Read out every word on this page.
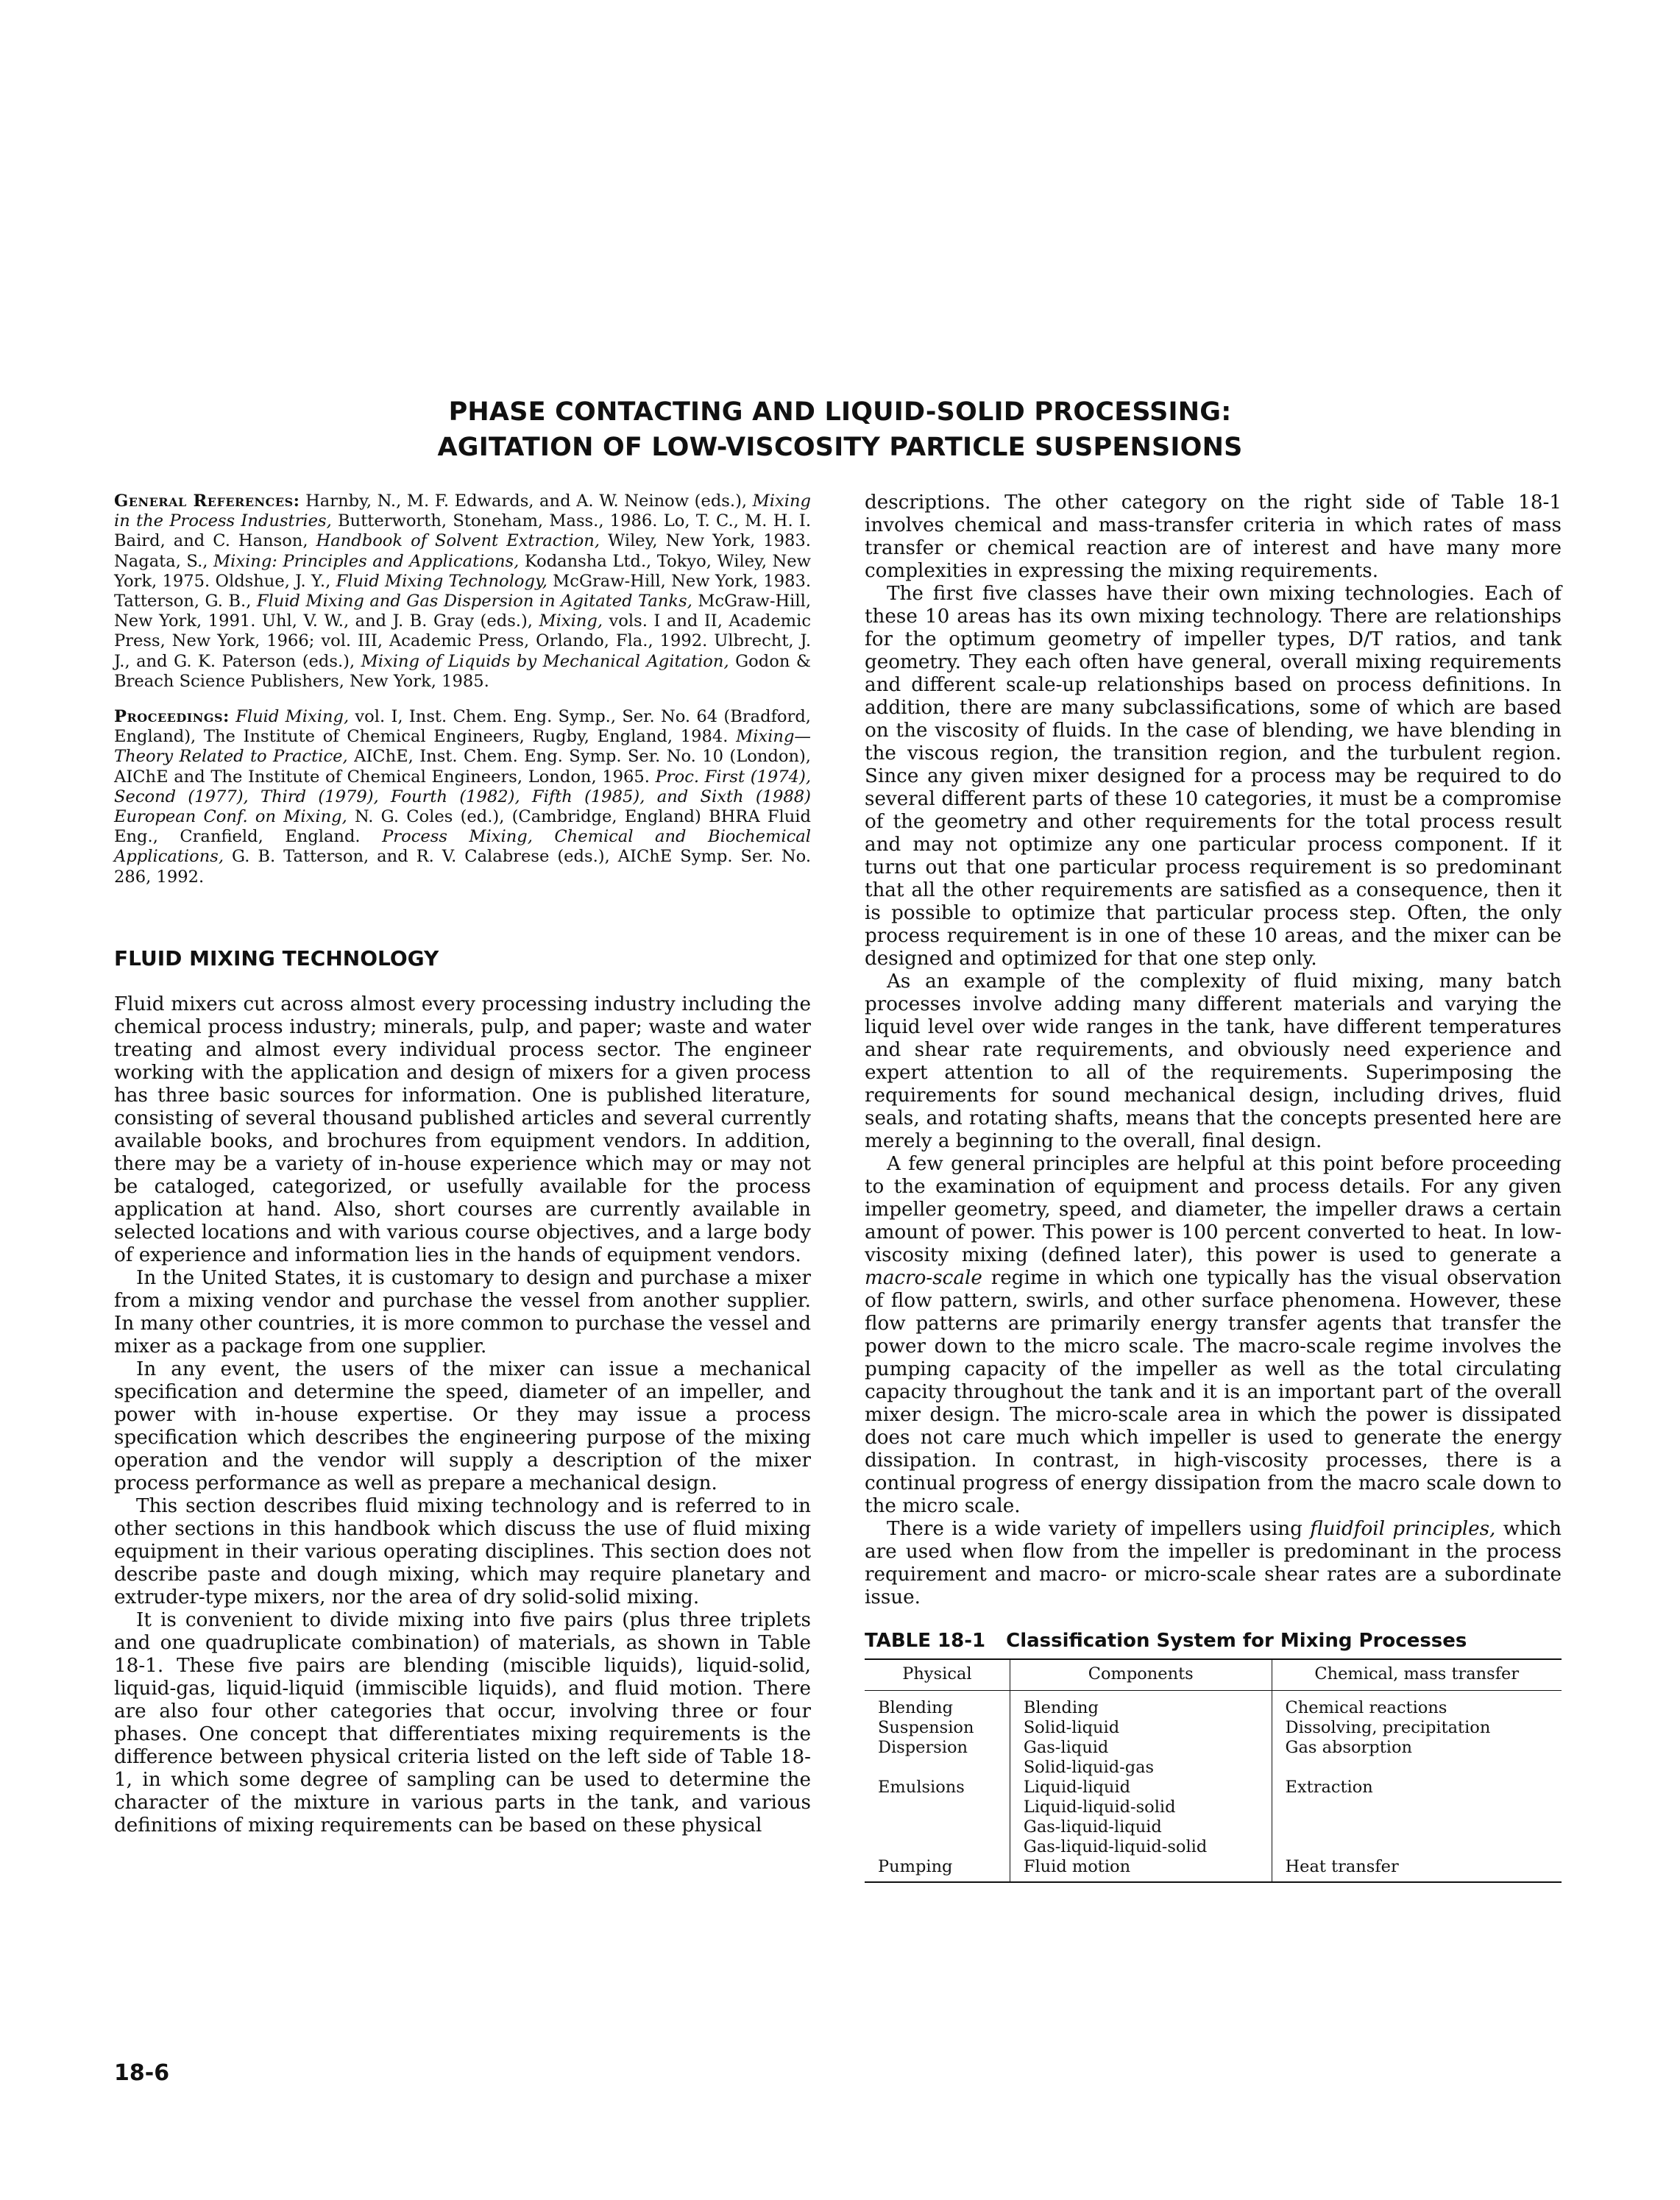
PHASE CONTACTING AND LIQUID-SOLID PROCESSING:
AGITATION OF LOW-VISCOSITY PARTICLE SUSPENSIONS

General References: Harnby, N., M. F. Edwards, and A. W. Neinow (eds.), Mixing in the Process Industries, Butterworth, Stoneham, Mass., 1986. Lo, T. C., M. H. I. Baird, and C. Hanson, Handbook of Solvent Extraction, Wiley, New York, 1983. Nagata, S., Mixing: Principles and Applications, Kodansha Ltd., Tokyo, Wiley, New York, 1975. Oldshue, J. Y., Fluid Mixing Technology, McGraw-Hill, New York, 1983. Tatterson, G. B., Fluid Mixing and Gas Dispersion in Agitated Tanks, McGraw-Hill, New York, 1991. Uhl, V. W., and J. B. Gray (eds.), Mixing, vols. I and II, Academic Press, New York, 1966; vol. III, Academic Press, Orlando, Fla., 1992. Ulbrecht, J. J., and G. K. Paterson (eds.), Mixing of Liquids by Mechanical Agitation, Godon & Breach Science Publishers, New York, 1985.

Proceedings: Fluid Mixing, vol. I, Inst. Chem. Eng. Symp., Ser. No. 64 (Bradford, England), The Institute of Chemical Engineers, Rugby, England, 1984. Mixing—Theory Related to Practice, AIChE, Inst. Chem. Eng. Symp. Ser. No. 10 (London), AIChE and The Institute of Chemical Engineers, London, 1965. Proc. First (1974), Second (1977), Third (1979), Fourth (1982), Fifth (1985), and Sixth (1988) European Conf. on Mixing, N. G. Coles (ed.), (Cambridge, England) BHRA Fluid Eng., Cranfield, England. Process Mixing, Chemical and Biochemical Applications, G. B. Tatterson, and R. V. Calabrese (eds.), AIChE Symp. Ser. No. 286, 1992.

FLUID MIXING TECHNOLOGY

Fluid mixers cut across almost every processing industry including the chemical process industry; minerals, pulp, and paper; waste and water treating and almost every individual process sector. The engineer working with the application and design of mixers for a given process has three basic sources for information. One is published literature, consisting of several thousand published articles and several currently available books, and brochures from equipment vendors. In addition, there may be a variety of in-house experience which may or may not be cataloged, categorized, or usefully available for the process application at hand. Also, short courses are currently available in selected locations and with various course objectives, and a large body of experience and information lies in the hands of equipment vendors.

In the United States, it is customary to design and purchase a mixer from a mixing vendor and purchase the vessel from another supplier. In many other countries, it is more common to purchase the vessel and mixer as a package from one supplier.

In any event, the users of the mixer can issue a mechanical specification and determine the speed, diameter of an impeller, and power with in-house expertise. Or they may issue a process specification which describes the engineering purpose of the mixing operation and the vendor will supply a description of the mixer process performance as well as prepare a mechanical design.

This section describes fluid mixing technology and is referred to in other sections in this handbook which discuss the use of fluid mixing equipment in their various operating disciplines. This section does not describe paste and dough mixing, which may require planetary and extruder-type mixers, nor the area of dry solid-solid mixing.

It is convenient to divide mixing into five pairs (plus three triplets and one quadruplicate combination) of materials, as shown in Table 18-1. These five pairs are blending (miscible liquids), liquid-solid, liquid-gas, liquid-liquid (immiscible liquids), and fluid motion. There are also four other categories that occur, involving three or four phases. One concept that differentiates mixing requirements is the difference between physical criteria listed on the left side of Table 18-1, in which some degree of sampling can be used to determine the character of the mixture in various parts in the tank, and various definitions of mixing requirements can be based on these physical

descriptions. The other category on the right side of Table 18-1 involves chemical and mass-transfer criteria in which rates of mass transfer or chemical reaction are of interest and have many more complexities in expressing the mixing requirements.

The first five classes have their own mixing technologies. Each of these 10 areas has its own mixing technology. There are relationships for the optimum geometry of impeller types, D/T ratios, and tank geometry. They each often have general, overall mixing requirements and different scale-up relationships based on process definitions. In addition, there are many subclassifications, some of which are based on the viscosity of fluids. In the case of blending, we have blending in the viscous region, the transition region, and the turbulent region. Since any given mixer designed for a process may be required to do several different parts of these 10 categories, it must be a compromise of the geometry and other requirements for the total process result and may not optimize any one particular process component. If it turns out that one particular process requirement is so predominant that all the other requirements are satisfied as a consequence, then it is possible to optimize that particular process step. Often, the only process requirement is in one of these 10 areas, and the mixer can be designed and optimized for that one step only.

As an example of the complexity of fluid mixing, many batch processes involve adding many different materials and varying the liquid level over wide ranges in the tank, have different temperatures and shear rate requirements, and obviously need experience and expert attention to all of the requirements. Superimposing the requirements for sound mechanical design, including drives, fluid seals, and rotating shafts, means that the concepts presented here are merely a beginning to the overall, final design.

A few general principles are helpful at this point before proceeding to the examination of equipment and process details. For any given impeller geometry, speed, and diameter, the impeller draws a certain amount of power. This power is 100 percent converted to heat. In low-viscosity mixing (defined later), this power is used to generate a macro-scale regime in which one typically has the visual observation of flow pattern, swirls, and other surface phenomena. However, these flow patterns are primarily energy transfer agents that transfer the power down to the micro scale. The macro-scale regime involves the pumping capacity of the impeller as well as the total circulating capacity throughout the tank and it is an important part of the overall mixer design. The micro-scale area in which the power is dissipated does not care much which impeller is used to generate the energy dissipation. In contrast, in high-viscosity processes, there is a continual progress of energy dissipation from the macro scale down to the micro scale.

There is a wide variety of impellers using fluidfoil principles, which are used when flow from the impeller is predominant in the process requirement and macro- or micro-scale shear rates are a subordinate issue.

TABLE 18-1 Classification System for Mixing Processes
Physical	Components	Chemical, mass transfer

Blending	Blending	Chemical reactions
Suspension	Solid-liquid	Dissolving, precipitation
Dispersion	Gas-liquid	Gas absorption
	Solid-liquid-gas	
Emulsions	Liquid-liquid	Extraction
	Liquid-liquid-solid	
	Gas-liquid-liquid	
	Gas-liquid-liquid-solid	
Pumping	Fluid motion	Heat transfer
18-6
